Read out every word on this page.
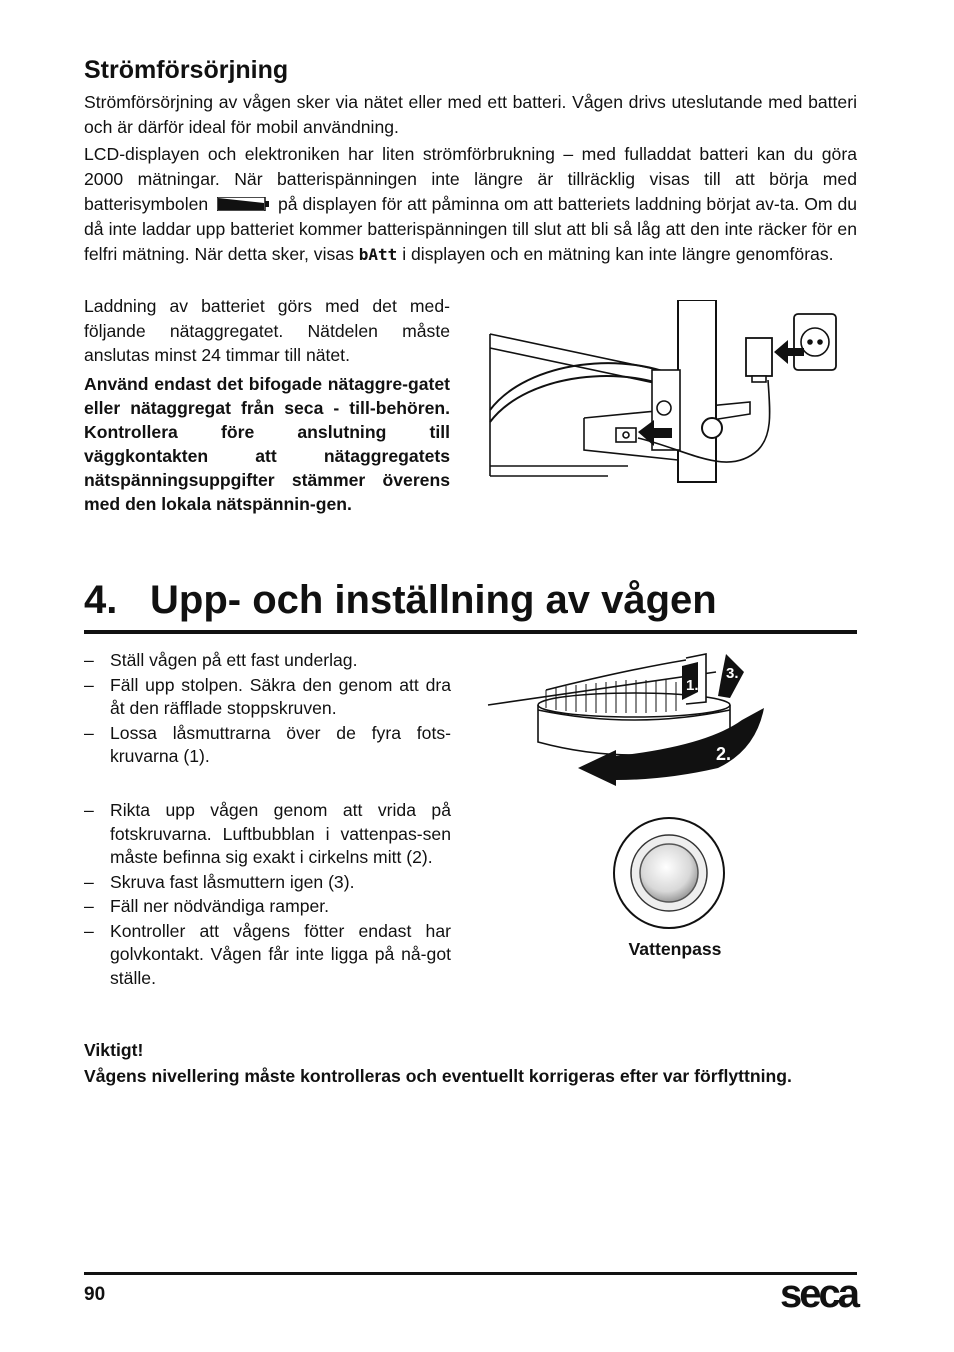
Strömförsörjning

Strömförsörjning av vågen sker via nätet eller med ett batteri. Vågen drivs uteslutande med batteri och är därför ideal för mobil användning.

LCD-displayen och elektroniken har liten strömförbrukning – med fulladdat batteri kan du göra 2000 mätningar. När batterispänningen inte längre är tillräcklig visas till att börja med batterisymbolen	på displayen för att påminna om att batteriets laddning börjat av-ta. Om du då inte laddar upp batteriet kommer batterispänningen till slut att bli så låg att den inte räcker för en felfri mätning. När detta sker, visas bAtt i displayen och en mätning kan inte längre genomföras.

Laddning av batteriet görs med det med-följande nätaggregatet. Nätdelen måste anslutas minst 24 timmar till nätet.

Använd endast det bifogade nätaggre-gatet eller nätaggregat från seca - till-behören. Kontrollera före anslutning till väggkontakten att nätaggregatets nätspänningsuppgifter stämmer överens med den lokala nätspännin-gen.

4. Upp- och inställning av vågen
– Ställ vågen på ett fast underlag.
– Fäll upp stolpen. Säkra den genom att dra åt den räfflade stoppskruven.
– Lossa låsmuttrarna över de fyra fots-kruvarna (1).
– Rikta upp vågen genom att vrida på fotskruvarna. Luftbubblan i vattenpas-sen måste befinna sig exakt i cirkelns mitt (2).
– Skruva fast låsmuttern igen (3).
– Fäll ner nödvändiga ramper.
– Kontroller att vågens fötter endast har golvkontakt. Vågen får inte ligga på nå-got ställe.
1.
3.
2.
Vattenpass
Viktigt!

Vågens nivellering måste kontrolleras och eventuellt korrigeras efter var förflyttning.

90	seca
